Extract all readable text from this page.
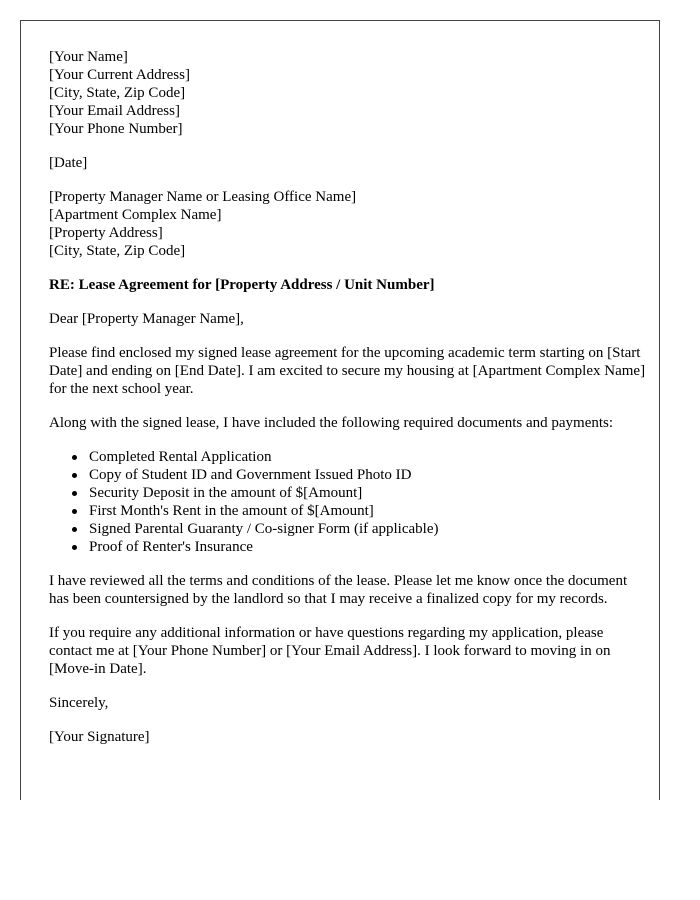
[Your Name]
[Your Current Address]
[City, State, Zip Code]
[Your Email Address]
[Your Phone Number]
[Date]
[Property Manager Name or Leasing Office Name]
[Apartment Complex Name]
[Property Address]
[City, State, Zip Code]

RE: Lease Agreement for [Property Address / Unit Number]

Dear [Property Manager Name],

Please find enclosed my signed lease agreement for the upcoming academic term starting on [Start Date] and ending on [End Date]. I am excited to secure my housing at [Apartment Complex Name] for the next school year.

Along with the signed lease, I have included the following required documents and payments:

Completed Rental Application
Copy of Student ID and Government Issued Photo ID
Security Deposit in the amount of $[Amount]
First Month's Rent in the amount of $[Amount]
Signed Parental Guaranty / Co-signer Form (if applicable)
Proof of Renter's Insurance

I have reviewed all the terms and conditions of the lease. Please let me know once the document has been countersigned by the landlord so that I may receive a finalized copy for my records.

If you require any additional information or have questions regarding my application, please contact me at [Your Phone Number] or [Your Email Address]. I look forward to moving in on [Move-in Date].

Sincerely,

[Your Signature]
